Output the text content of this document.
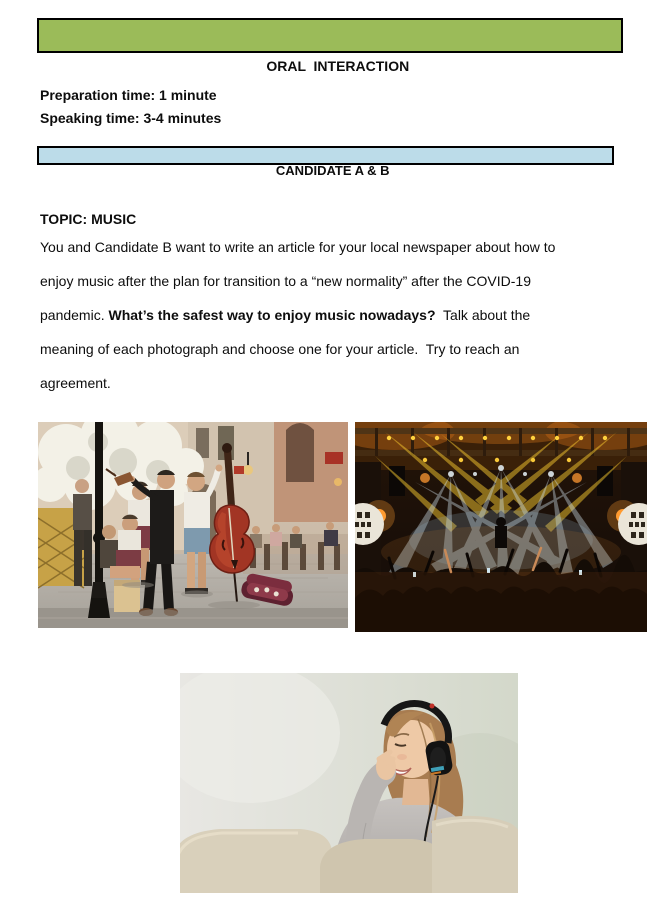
ORAL  INTERACTION

Preparation time: 1 minute
Speaking time: 3-4 minutes

CANDIDATE A & B

TOPIC: MUSIC
You and Candidate B want to write an article for your local newspaper about how to
enjoy music after the plan for transition to a “new normality” after the COVID-19
pandemic. What’s the safest way to enjoy music nowadays?  Talk about the
meaning of each photograph and choose one for your article.  Try to reach an
agreement.
